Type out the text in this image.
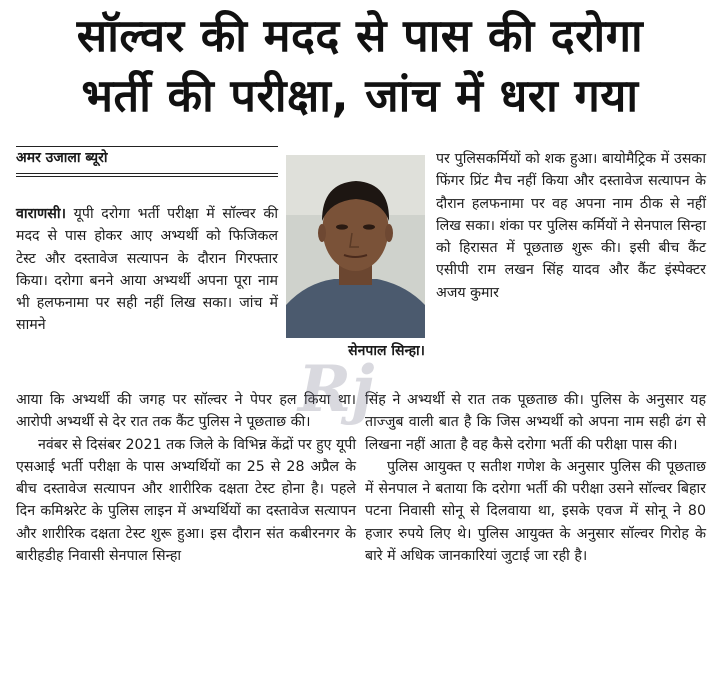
सॉल्वर की मदद से पास की दरोगा
भर्ती की परीक्षा, जांच में धरा गया
अमर उजाला ब्यूरो

वाराणसी। यूपी दरोगा भर्ती परीक्षा में सॉल्वर की मदद से पास होकर आए अभ्यर्थी को फिजिकल टेस्ट और दस्तावेज सत्यापन के दौरान गिरफ्तार किया। दरोगा बनने आया अभ्यर्थी अपना पूरा नाम भी हलफनामा पर सही नहीं लिख सका। जांच में सामने

सेनपाल सिन्हा।

पर पुलिसकर्मियों को शक हुआ। बायोमैट्रिक में उसका फिंगर प्रिंट मैच नहीं किया और दस्तावेज सत्यापन के दौरान हलफनामा पर वह अपना नाम ठीक से नहीं लिख सका। शंका पर पुलिस कर्मियों ने सेनपाल सिन्हा को हिरासत में पूछताछ शुरू की। इसी बीच कैंट एसीपी राम लखन सिंह यादव और कैंट इंस्पेक्टर अजय कुमार

आया कि अभ्यर्थी की जगह पर सॉल्वर ने पेपर हल किया था। आरोपी अभ्यर्थी से देर रात तक कैंट पुलिस ने पूछताछ की।

नवंबर से दिसंबर 2021 तक जिले के विभिन्न केंद्रों पर हुए यूपी एसआई भर्ती परीक्षा के पास अभ्यर्थियों का 25 से 28 अप्रैल के बीच दस्तावेज सत्यापन और शारीरिक दक्षता टेस्ट होना है। पहले दिन कमिश्नरेट के पुलिस लाइन में अभ्यर्थियों का दस्तावेज सत्यापन और शारीरिक दक्षता टेस्ट शुरू हुआ। इस दौरान संत कबीरनगर के बारीहडीह निवासी सेनपाल सिन्हा

सिंह ने अभ्यर्थी से रात तक पूछताछ की। पुलिस के अनुसार यह ताज्जुब वाली बात है कि जिस अभ्यर्थी को अपना नाम सही ढंग से लिखना नहीं आता है वह कैसे दरोगा भर्ती की परीक्षा पास की।

पुलिस आयुक्त ए सतीश गणेश के अनुसार पुलिस की पूछताछ में सेनपाल ने बताया कि दरोगा भर्ती की परीक्षा उसने सॉल्वर बिहार पटना निवासी सोनू से दिलवाया था, इसके एवज में सोनू ने 80 हजार रुपये लिए थे। पुलिस आयुक्त के अनुसार सॉल्वर गिरोह के बारे में अधिक जानकारियां जुटाई जा रही है।

Rj
